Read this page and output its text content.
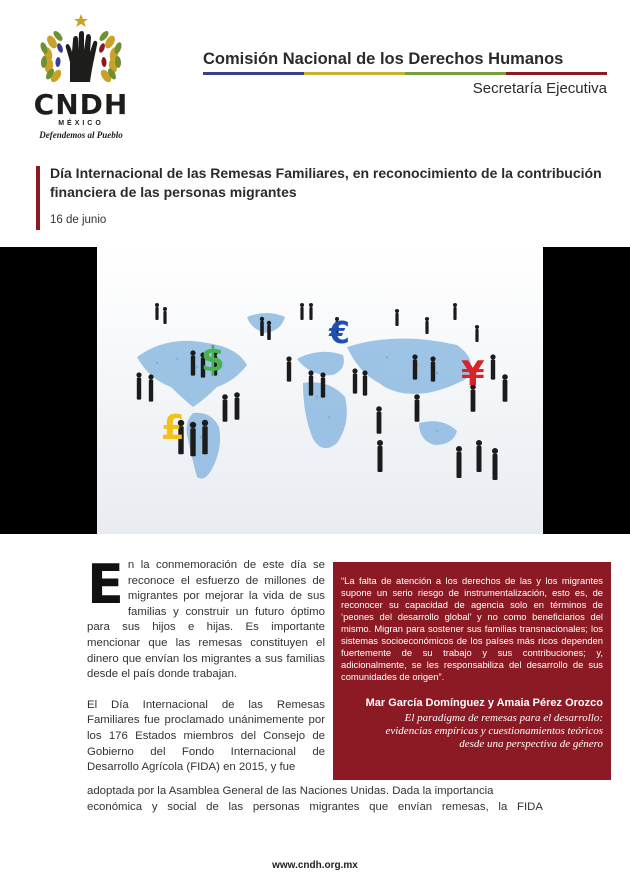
CNDH
MÉXICO
Defendemos al Pueblo
Comisión Nacional de los Derechos Humanos
Secretaría Ejecutiva
Día Internacional de las Remesas Familiares, en reconocimiento de la contribución financiera de las personas migrantes
16 de junio
$
€
£
¥

En la conmemoración de este día se reconoce el esfuerzo de millones de migrantes por mejorar la vida de sus familias y construir un futuro óptimo para sus hijos e hijas. Es importante mencionar que las remesas constituyen el dinero que envían los migrantes a sus familias desde el país donde trabajan.

El Día Internacional de las Remesas Familiares fue proclamado unánimemente por los 176 Estados miembros del Consejo de Gobierno del Fondo Internacional de Desarrollo Agrícola (FIDA) en 2015, y fue

adoptada por la Asamblea General de las Naciones Unidas. Dada la importancia
económica y social de las personas migrantes que envían remesas, la FIDA
“La falta de atención a los derechos de las y los migrantes supone un serio riesgo de instrumentalización, esto es, de reconocer su capacidad de agencia solo en términos de ‘peones del desarrollo global’ y no como beneficiarios del mismo. Migran para sostener sus familias transnacionales; los sistemas socioeconómicos de los países más ricos dependen fuertemente de su trabajo y sus contribuciones; y, adicionalmente, se les responsabiliza del desarrollo de sus comunidades de origen”.
Mar García Domínguez y Amaia Pérez Orozco
El paradigma de remesas para el desarrollo:
evidencias empíricas y cuestionamientos teóricos
desde una perspectiva de género
www.cndh.org.mx
